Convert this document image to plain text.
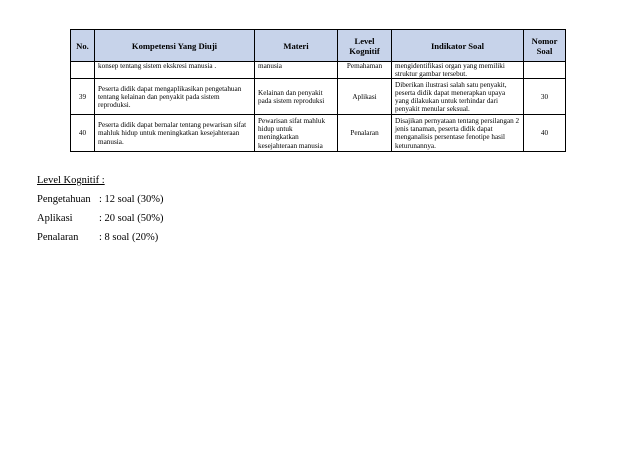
No.	Kompetensi Yang Diuji	Materi	Level Kognitif	Indikator Soal	Nomor Soal
	konsep tentang sistem ekskresi manusia .	manusia	Pemahaman	mengidentifikasi organ yang memiliki struktur gambar tersebut.	
39	Peserta didik dapat mengaplikasikan pengetahuan tentang kelainan dan penyakit pada sistem reproduksi.	Kelainan dan penyakit pada sistem reproduksi	Aplikasi	Diberikan ilustrasi salah satu penyakit, peserta didik dapat menerapkan upaya yang dilakukan untuk terhindar dari penyakit menular seksual.	30
40	Peserta didik dapat bernalar tentang pewarisan sifat mahluk hidup untuk meningkatkan kesejahteraan manusia.	Pewarisan sifat mahluk hidup untuk meningkatkan kesejahteraan manusia	Penalaran	Disajikan pernyataan tentang persilangan 2 jenis tanaman, peserta didik dapat menganalisis persentase fenotipe hasil keturunannya.	40
Level Kognitif :
Pengetahuan : 12 soal (30%)
Aplikasi	: 20 soal (50%)
Penalaran : 8 soal (20%)
